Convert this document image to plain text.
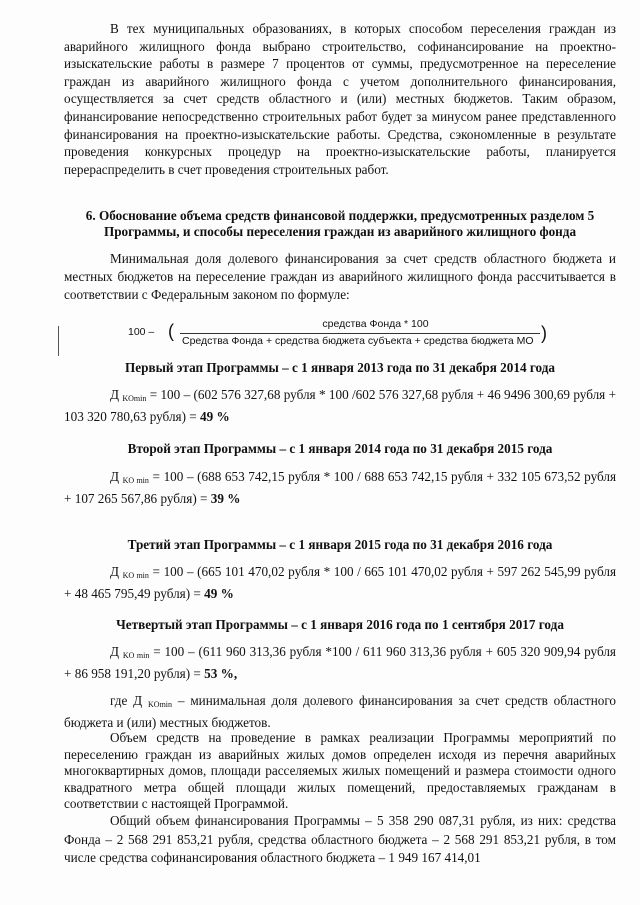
В тех муниципальных образованиях, в которых способом переселения граждан из аварийного жилищного фонда выбрано строительство, софинансирование на проектно-изыскательские работы в размере 7 процентов от суммы, предусмотренное на переселение граждан из аварийного жилищного фонда с учетом дополнительного финансирования, осуществляется за счет средств областного и (или) местных бюджетов. Таким образом, финансирование непосредственно строительных работ будет за минусом ранее представленного финансирования на проектно-изыскательские работы. Средства, сэкономленные в результате проведения конкурсных процедур на проектно-изыскательские работы, планируется перераспределить в счет проведения строительных работ.

6. Обоснование объема средств финансовой поддержки, предусмотренных разделом 5 Программы, и способы переселения граждан из аварийного жилищного фонда

Минимальная доля долевого финансирования за счет средств областного бюджета и местных бюджетов на переселение граждан из аварийного жилищного фонда рассчитывается в соответствии с Федеральным законом по формуле:

100 – (	средства Фонда * 100
Средства Фонда + средства бюджета субъекта + средства бюджета МО )

Первый этап Программы – с 1 января 2013 года по 31 декабря 2014 года

Д $_{KOmin}$ = 100 – (602 576 327,68 рубля * 100 /602 576 327,68 рубля + 46 9496 300,69 рубля + 103 320 780,63 рубля) = 49 %

Второй этап Программы – с 1 января 2014 года по 31 декабря 2015 года

Д $_{KO min}$ = 100 – (688 653 742,15 рубля * 100 / 688 653 742,15 рубля + 332 105 673,52 рубля + 107 265 567,86 рубля) = 39 %

Третий этап Программы – с 1 января 2015 года по 31 декабря 2016 года

Д $_{KO min}$ = 100 – (665 101 470,02 рубля * 100 / 665 101 470,02 рубля + 597 262 545,99 рубля + 48 465 795,49 рубля) = 49 %

Четвертый этап Программы – с 1 января 2016 года по 1 сентября 2017 года

Д $_{KO min}$ = 100 – (611 960 313,36 рубля *100 / 611 960 313,36 рубля + 605 320 909,94 рубля + 86 958 191,20 рубля) = 53 %,

где Д $_{KOmin}$ – минимальная доля долевого финансирования за счет средств областного бюджета и (или) местных бюджетов.

Объем средств на проведение в рамках реализации Программы мероприятий по переселению граждан из аварийных жилых домов определен исходя из перечня аварийных многоквартирных домов, площади расселяемых жилых помещений и размера стоимости одного квадратного метра общей площади жилых помещений, предоставляемых гражданам в соответствии с настоящей Программой.

Общий объем финансирования Программы – 5 358 290 087,31 рубля, из них: средства Фонда – 2 568 291 853,21 рубля, средства областного бюджета – 2 568 291 853,21 рубля, в том числе средства софинансирования областного бюджета – 1 949 167 414,01
